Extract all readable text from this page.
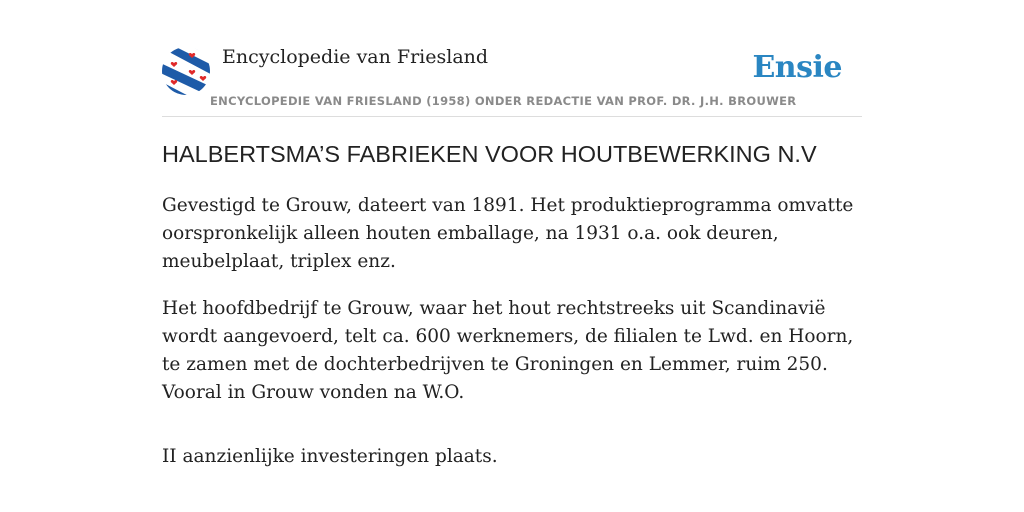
Encyclopedie van Friesland	Ensie
ENCYCLOPEDIE VAN FRIESLAND (1958) ONDER REDACTIE VAN PROF. DR. J.H. BROUWER
HALBERTSMA’S FABRIEKEN VOOR HOUTBEWERKING N.V

Gevestigd te Grouw, dateert van 1891. Het produktieprogramma omvatte oorspronkelijk alleen houten emballage, na 1931 o.a. ook deuren, meubelplaat, triplex enz.

Het hoofdbedrijf te Grouw, waar het hout rechtstreeks uit Scandinavië wordt aangevoerd, telt ca. 600 werknemers, de filialen te Lwd. en Hoorn, te zamen met de dochterbedrijven te Groningen en Lemmer, ruim 250. Vooral in Grouw vonden na W.O.

II aanzienlijke investeringen plaats.
